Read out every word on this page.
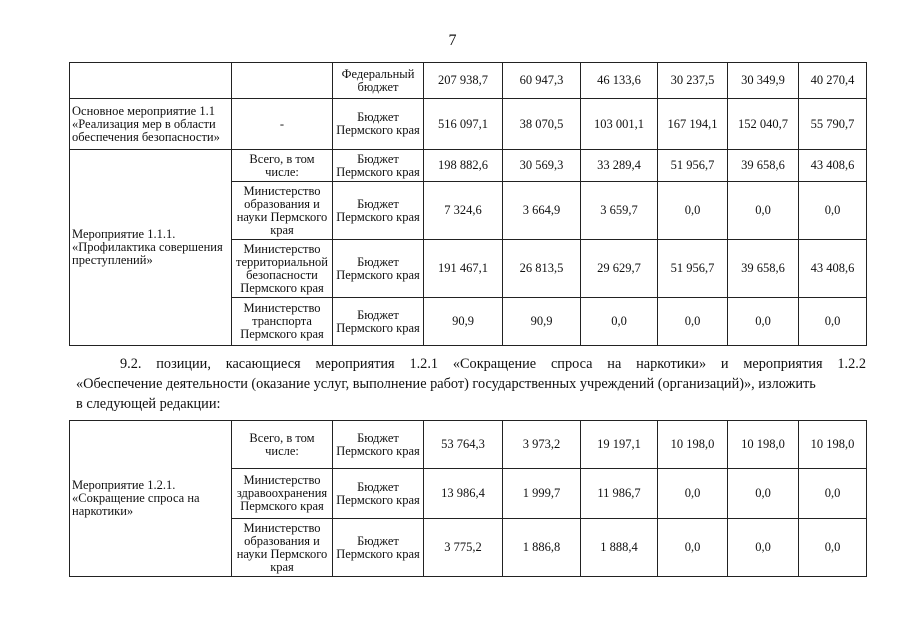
7
		Федеральный бюджет	207 938,7	60 947,3	46 133,6	30 237,5	30 349,9	40 270,4
Основное мероприятие 1.1 «Реализация мер в области обеспечения безопасности»	-	Бюджет Пермского края	516 097,1	38 070,5	103 001,1	167 194,1	152 040,7	55 790,7
Мероприятие 1.1.1. «Профилактика совершения преступлений»	Всего, в том числе:	Бюджет Пермского края	198 882,6	30 569,3	33 289,4	51 956,7	39 658,6	43 408,6
	Министерство образования и науки Пермского края	Бюджет Пермского края	7 324,6	3 664,9	3 659,7	0,0	0,0	0,0
	Министерство территориальной безопасности Пермского края	Бюджет Пермского края	191 467,1	26 813,5	29 629,7	51 956,7	39 658,6	43 408,6
	Министерство транспорта Пермского края	Бюджет Пермского края	90,9	90,9	0,0	0,0	0,0	0,0
9.2. позиции, касающиеся мероприятия 1.2.1 «Сокращение спроса на наркотики» и мероприятия 1.2.2
«Обеспечение деятельности (оказание услуг, выполнение работ) государственных учреждений (организаций)», изложить
в следующей редакции:
Мероприятие 1.2.1. «Сокращение спроса на наркотики»	Всего, в том числе:	Бюджет Пермского края	53 764,3	3 973,2	19 197,1	10 198,0	10 198,0	10 198,0
	Министерство здравоохранения Пермского края	Бюджет Пермского края	13 986,4	1 999,7	11 986,7	0,0	0,0	0,0
	Министерство образования и науки Пермского края	Бюджет Пермского края	3 775,2	1 886,8	1 888,4	0,0	0,0	0,0
